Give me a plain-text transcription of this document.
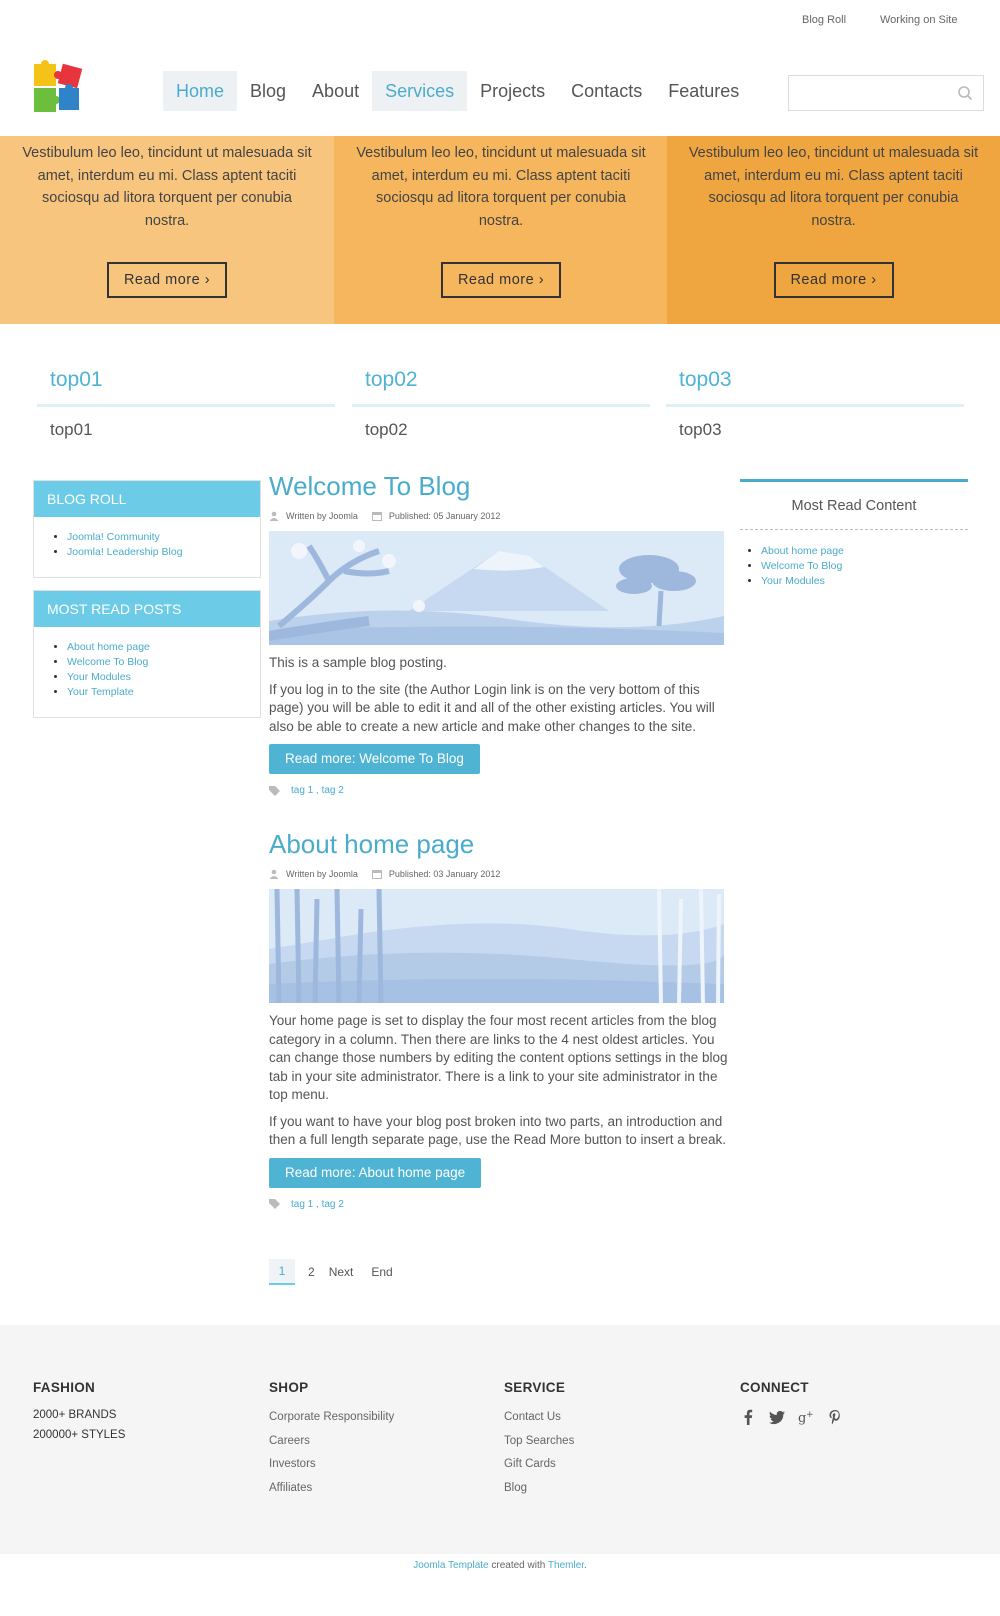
Blog Roll	Working on Site
Home	Blog	About	Services	Projects	Contacts	Features

Vestibulum leo leo, tincidunt ut malesuada sit amet, interdum eu mi. Class aptent taciti sociosqu ad litora torquent per conubia nostra.

Read more ›

Vestibulum leo leo, tincidunt ut malesuada sit amet, interdum eu mi. Class aptent taciti sociosqu ad litora torquent per conubia nostra.

Read more ›

Vestibulum leo leo, tincidunt ut malesuada sit amet, interdum eu mi. Class aptent taciti sociosqu ad litora torquent per conubia nostra.

Read more ›
top01
top01
top02
top02
top03
top03
BLOG ROLL
• Joomla! Community
• Joomla! Leadership Blog
MOST READ POSTS
• About home page
• Welcome To Blog
• Your Modules
• Your Template
Most Read Content
• About home page
• Welcome To Blog
• Your Modules
Welcome To Blog
Written by Joomla	Published: 05 January 2012

This is a sample blog posting.

If you log in to the site (the Author Login link is on the very bottom of this page) you will be able to edit it and all of the other existing articles. You will also be able to create a new article and make other changes to the site.

Read more: Welcome To Blog
tag 1 , tag 2
About home page
Written by Joomla	Published: 03 January 2012

Your home page is set to display the four most recent articles from the blog category in a column. Then there are links to the 4 nest oldest articles. You can change those numbers by editing the content options settings in the blog tab in your site administrator. There is a link to your site administrator in the top menu.

If you want to have your blog post broken into two parts, an introduction and then a full length separate page, use the Read More button to insert a break.

Read more: About home page
tag 1 , tag 2
1	2 Next End
FASHION
2000+ BRANDS
200000+ STYLES
SHOP
Corporate Responsibility
Careers
Investors
Affiliates
SERVICE
Contact Us
Top Searches
Gift Cards
Blog
CONNECT
g +
Joomla Template created with Themler.
